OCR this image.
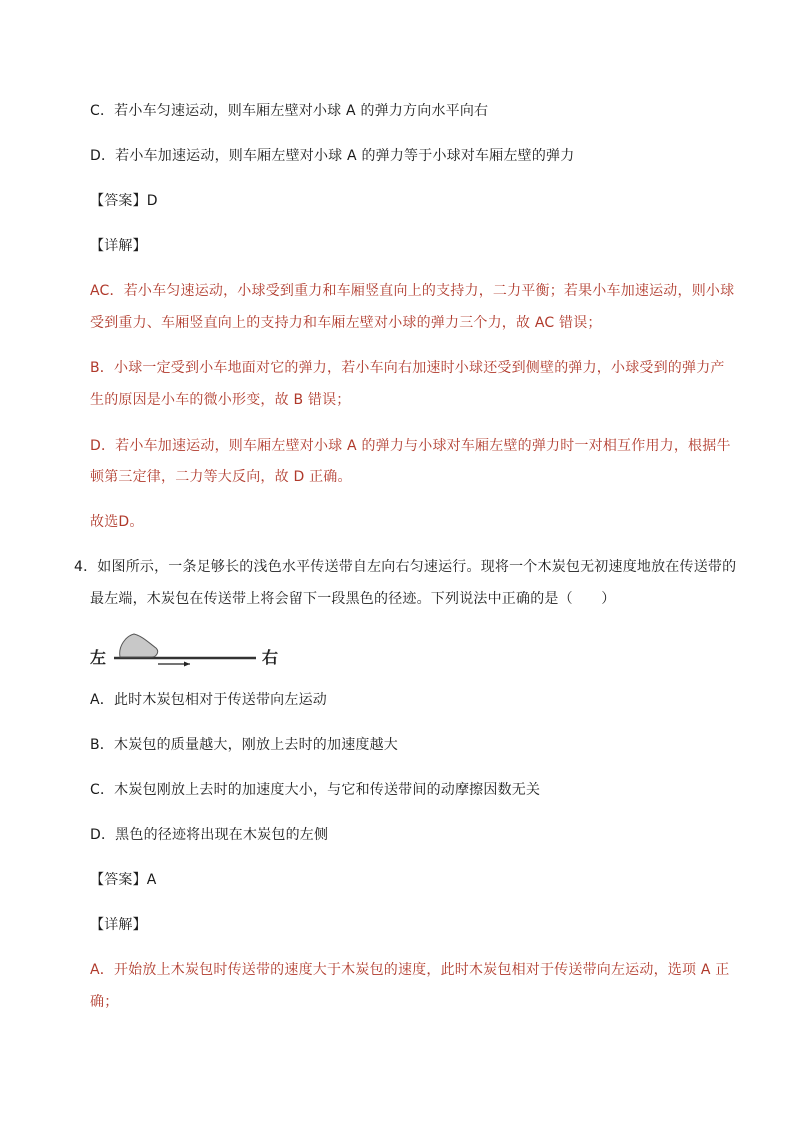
C．若小车匀速运动，则车厢左壁对小球 A 的弹力方向水平向右
D．若小车加速运动，则车厢左壁对小球 A 的弹力等于小球对车厢左壁的弹力
【答案】D
【详解】
AC．若小车匀速运动，小球受到重力和车厢竖直向上的支持力，二力平衡；若果小车加速运动，则小球
受到重力、车厢竖直向上的支持力和车厢左壁对小球的弹力三个力，故 AC 错误；
B．小球一定受到小车地面对它的弹力，若小车向右加速时小球还受到侧壁的弹力，小球受到的弹力产
生的原因是小车的微小形变，故 B 错误；
D．若小车加速运动，则车厢左壁对小球 A 的弹力与小球对车厢左壁的弹力时一对相互作用力，根据牛
顿第三定律，二力等大反向，故 D 正确。
故选D。
4．如图所示，一条足够长的浅色水平传送带自左向右匀速运行。现将一个木炭包无初速度地放在传送带的
最左端，木炭包在传送带上将会留下一段黑色的径迹。下列说法中正确的是（　　）
左	右
A．此时木炭包相对于传送带向左运动
B．木炭包的质量越大，刚放上去时的加速度越大
C．木炭包刚放上去时的加速度大小，与它和传送带间的动摩擦因数无关
D．黑色的径迹将出现在木炭包的左侧
【答案】A
【详解】
A．开始放上木炭包时传送带的速度大于木炭包的速度，此时木炭包相对于传送带向左运动，选项 A 正
确；
